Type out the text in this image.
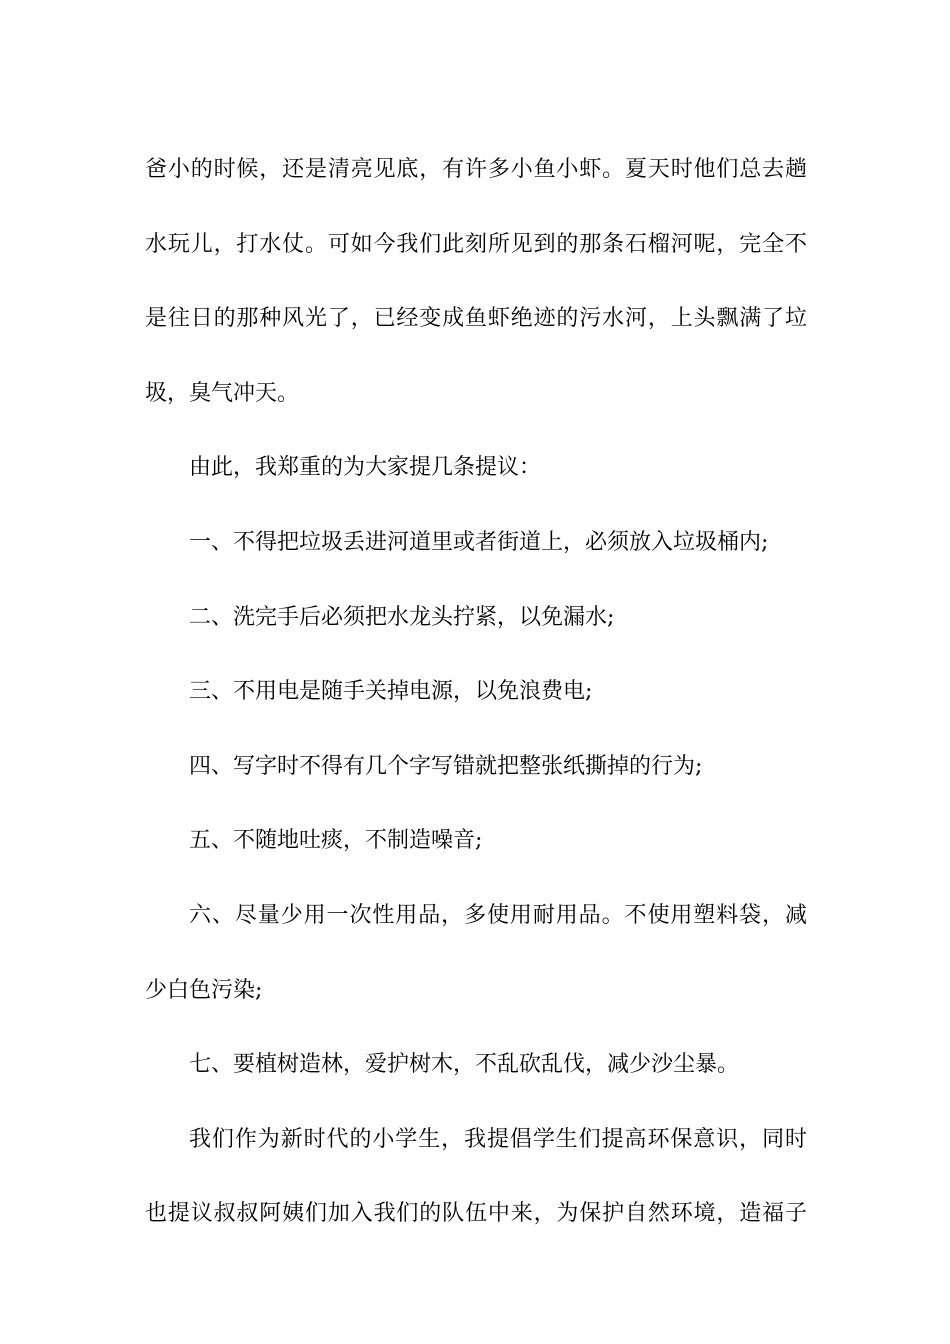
爸小的时候，还是清亮见底，有许多小鱼小虾。夏天时他们总去趟

水玩儿，打水仗。可如今我们此刻所见到的那条石榴河呢，完全不

是往日的那种风光了，已经变成鱼虾绝迹的污水河，上头飘满了垃

圾，臭气冲天。

由此，我郑重的为大家提几条提议：

一、不得把垃圾丢进河道里或者街道上，必须放入垃圾桶内;

二、洗完手后必须把水龙头拧紧，以免漏水;

三、不用电是随手关掉电源，以免浪费电;

四、写字时不得有几个字写错就把整张纸撕掉的行为;

五、不随地吐痰，不制造噪音;

六、尽量少用一次性用品，多使用耐用品。不使用塑料袋，减

少白色污染;

七、要植树造林，爱护树木，不乱砍乱伐，减少沙尘暴。

我们作为新时代的小学生，我提倡学生们提高环保意识，同时

也提议叔叔阿姨们加入我们的队伍中来，为保护自然环境，造福子
